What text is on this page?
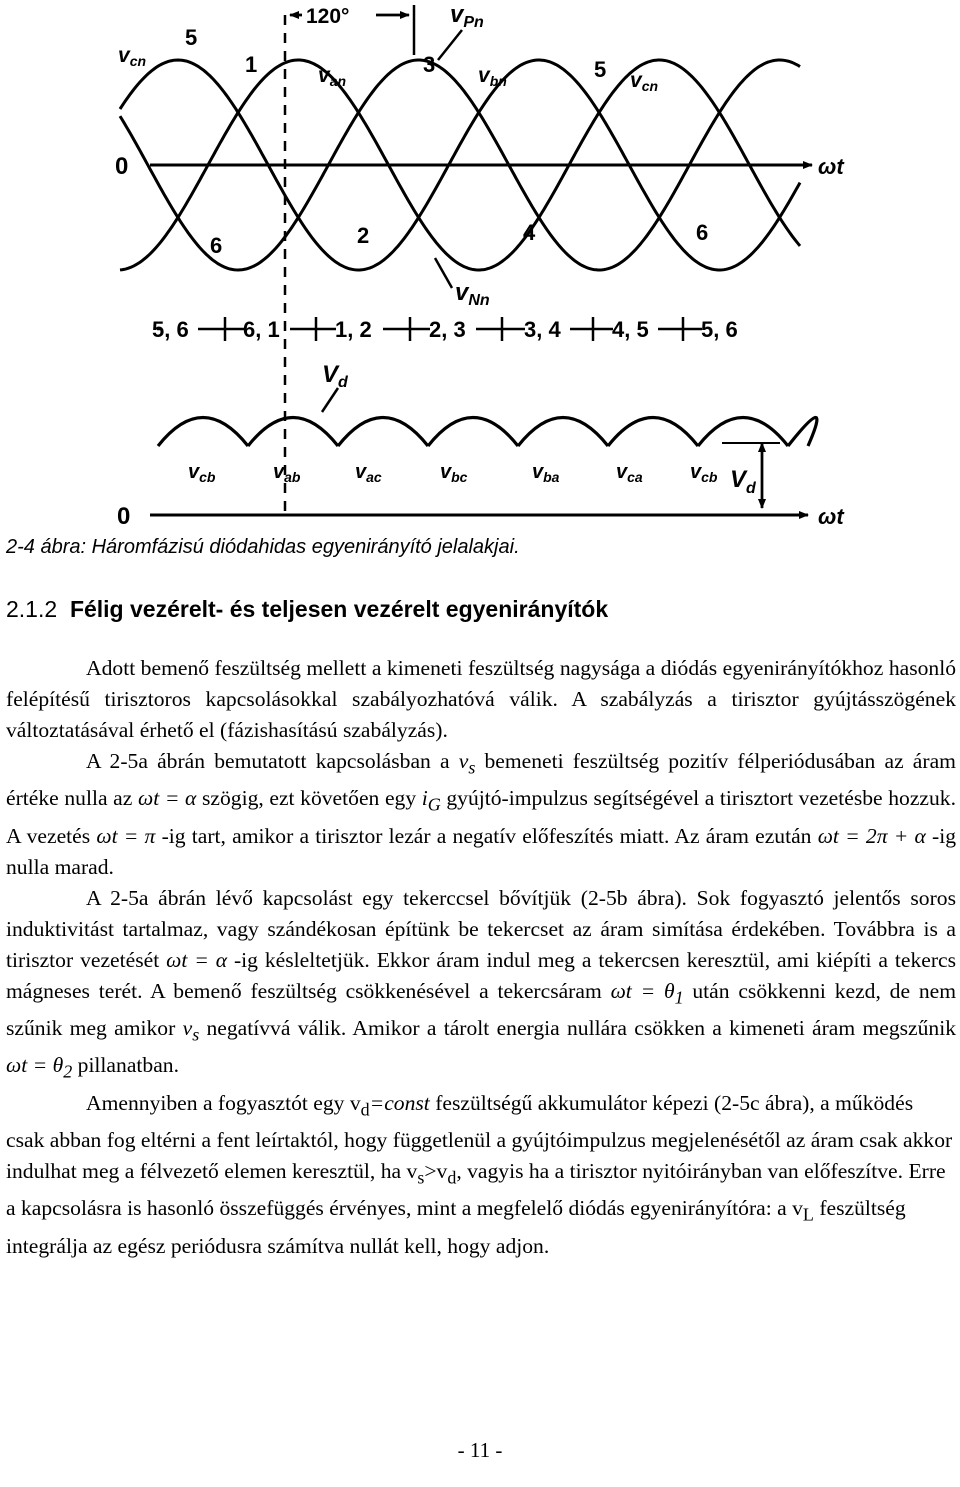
120°	$v_{Pn}$
$v_{Nn}$
0	ωt
0	ωt
vcn
van	vbn	vcn
5
1	3	5
6	2	4	6
5, 6 6, 1	1, 2	2, 3	3, 4 4, 5 5, 6
$V_d$
$v_{cb}$	$v_{ab}$	$v_{ac}$	$v_{bc}$	$v_{ba}$	$v_{ca}$ $v_{cb}$ $V_d$
2-4 ábra: Háromfázisú diódahidas egyenirányító jelalakjai.
2.1.2 Félig vezérelt- és teljesen vezérelt egyenirányítók

Adott bemenő feszültség mellett a kimeneti feszültség nagysága a diódás egyenirányítókhoz hasonló felépítésű tirisztoros kapcsolásokkal szabályozhatóvá válik. A szabályzás a tirisztor gyújtásszögének változtatásával érhető el (fázishasítású szabályzás).

A 2-5a ábrán bemutatott kapcsolásban a $v_s$ bemeneti feszültség pozitív félperiódusában az áram értéke nulla az ωt = α szögig, ezt követően egy $i_G$ gyújtó-impulzus segítségével a tirisztort vezetésbe hozzuk. A vezetés ωt = π -ig tart, amikor a tirisztor lezár a negatív előfeszítés miatt. Az áram ezután ωt = 2π + α -ig nulla marad.

A 2-5a ábrán lévő kapcsolást egy tekerccsel bővítjük (2-5b ábra). Sok fogyasztó jelentős soros induktivitást tartalmaz, vagy szándékosan építünk be tekercset az áram simítása érdekében. Továbbra is a tirisztor vezetését ωt = α -ig késleltetjük. Ekkor áram indul meg a tekercsen keresztül, ami kiépíti a tekercs mágneses terét. A bemenő feszültség csökkenésével a tekercsáram $\omega t = \theta_1$ után csökkenni kezd, de nem szűnik meg amikor $v_s$ negatívvá válik. Amikor a tárolt energia nullára csökken a kimeneti áram megszűnik $\omega t = \theta_2$ pillanatban.

Amennyiben a fogyasztót egy $v_d=const$ feszültségű akkumulátor képezi (2-5c ábra), a működés csak abban fog eltérni a fent leírtaktól, hogy függetlenül a gyújtóimpulzus megjelenésétől az áram csak akkor indulhat meg a félvezető elemen keresztül, ha $v_s>v_d$, vagyis ha a tirisztor nyitóirányban van előfeszítve. Erre a kapcsolásra is hasonló összefüggés érvényes, mint a megfelelő diódás egyenirányítóra: a $v_L$ feszültség integrálja az egész periódusra számítva nullát kell, hogy adjon.

- 11 -
